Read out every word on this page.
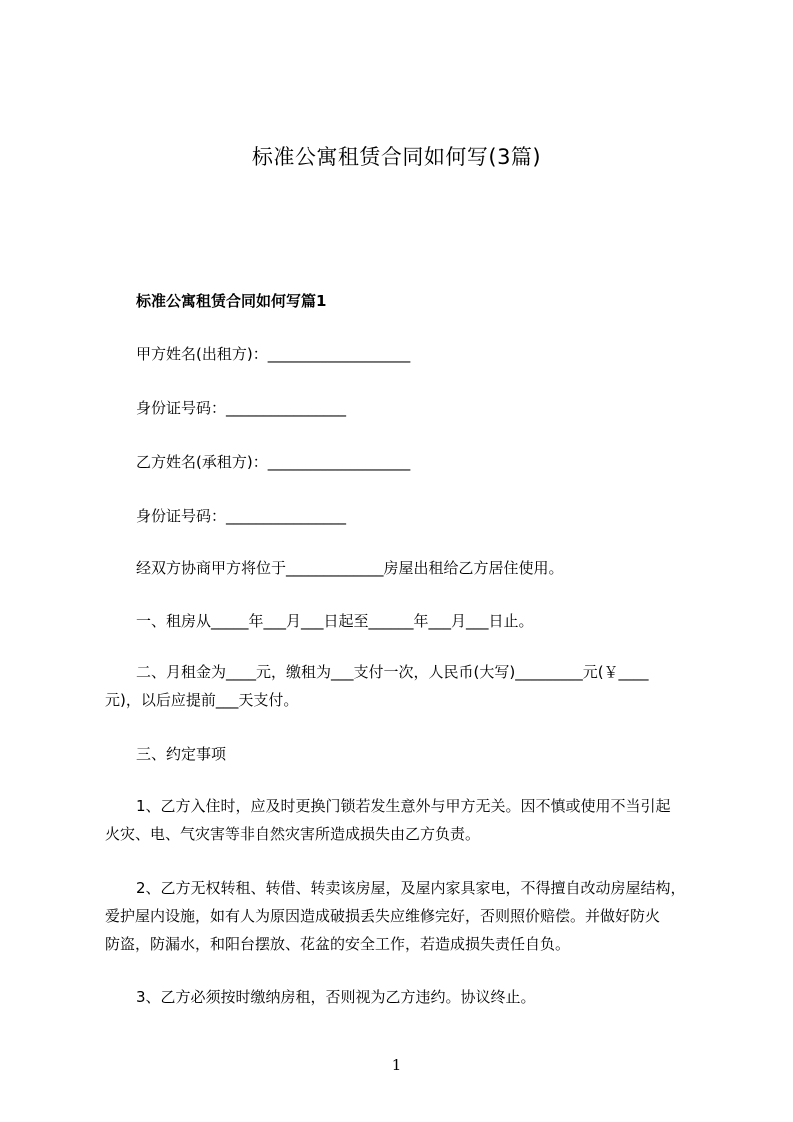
标准公寓租赁合同如何写(3篇)
标准公寓租赁合同如何写篇1
甲方姓名(出租方)：___________________
身份证号码：________________
乙方姓名(承租方)：___________________
身份证号码：________________
经双方协商甲方将位于_____________房屋出租给乙方居住使用。
一、租房从_____年___月___日起至______年___月___日止。
二、月租金为____元，缴租为___支付一次，人民币(大写)_________元(￥____
元)，以后应提前___天支付。
三、约定事项
1、乙方入住时，应及时更换门锁若发生意外与甲方无关。因不慎或使用不当引起
火灾、电、气灾害等非自然灾害所造成损失由乙方负责。
2、乙方无权转租、转借、转卖该房屋，及屋内家具家电，不得擅自改动房屋结构，
爱护屋内设施，如有人为原因造成破损丢失应维修完好，否则照价赔偿。并做好防火
防盗，防漏水，和阳台摆放、花盆的安全工作，若造成损失责任自负。
3、乙方必须按时缴纳房租，否则视为乙方违约。协议终止。
1
